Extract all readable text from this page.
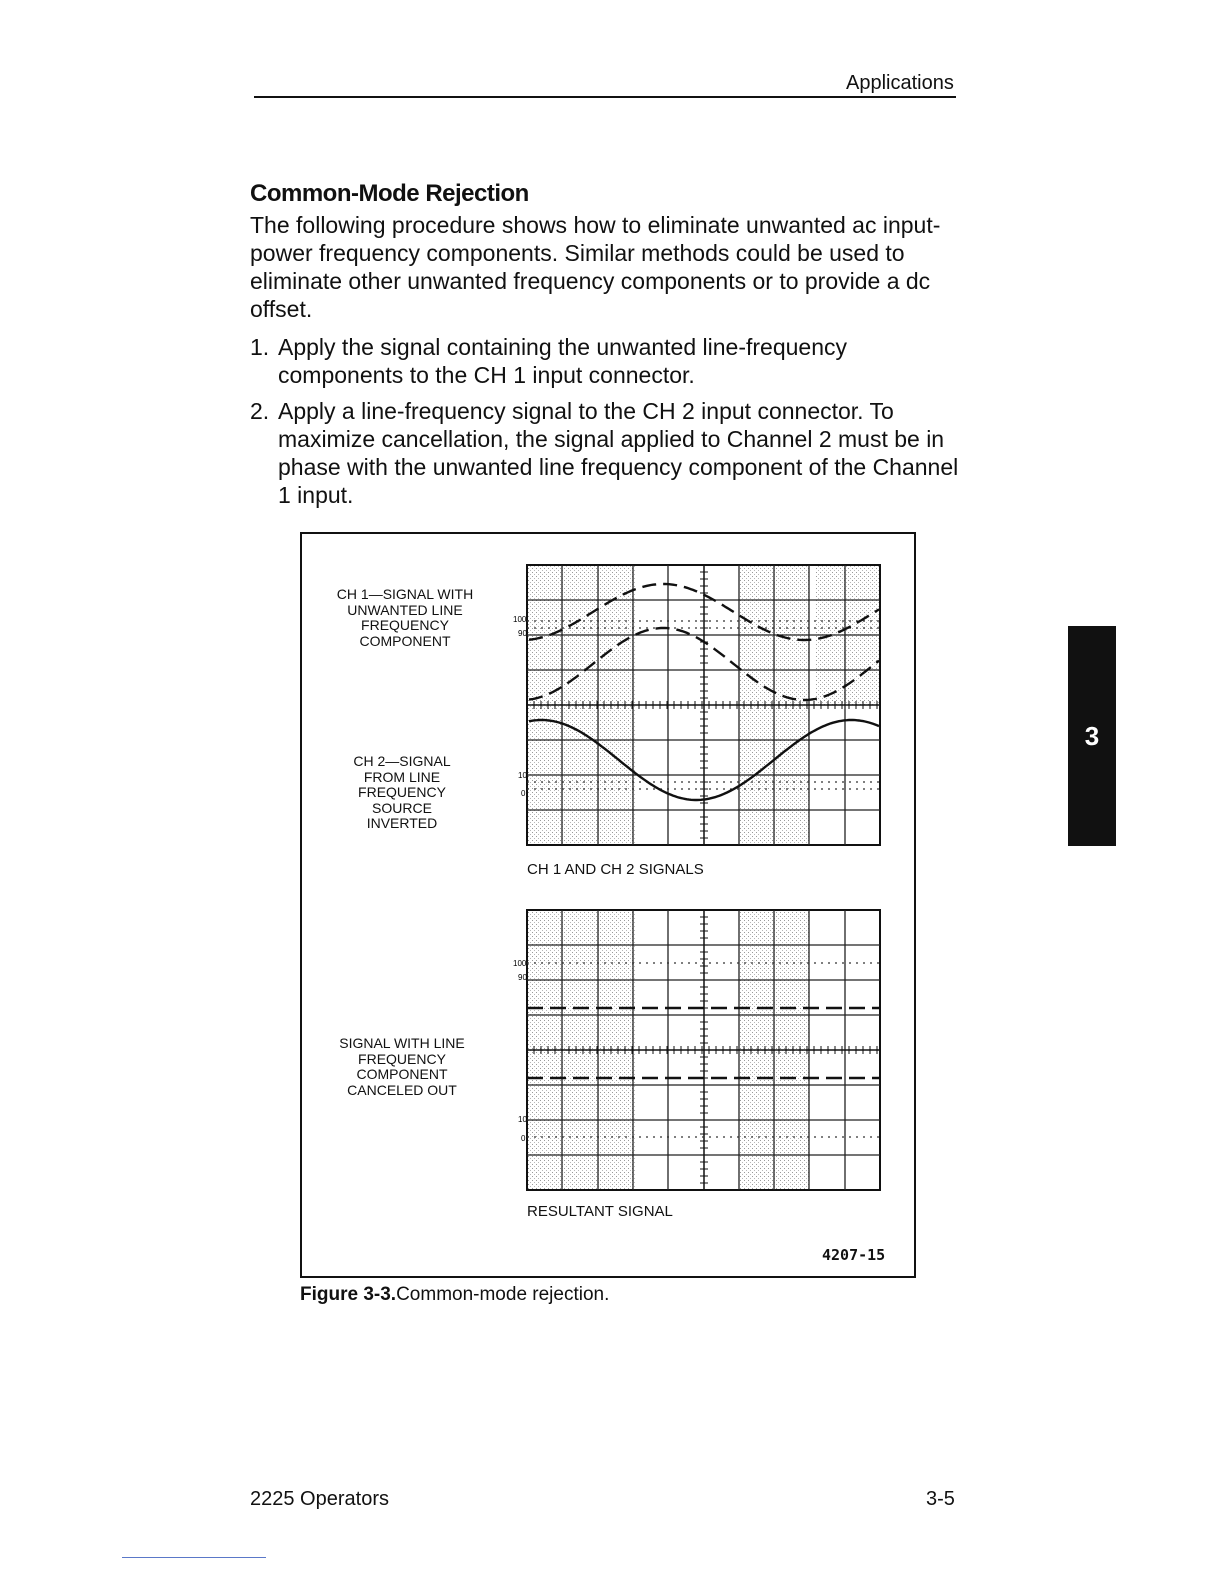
Applications
Common-Mode Rejection

The following procedure shows how to eliminate unwanted ac input-power frequency components. Similar methods could be used to eliminate other unwanted frequency components or to provide a dc offset.

1. Apply the signal containing the unwanted line-frequency components to the CH 1 input connector.
2. Apply a line-frequency signal to the CH 2 input connector. To maximize cancellation, the signal applied to Channel 2 must be in phase with the unwanted line frequency component of the Channel 1 input.
3
CH 1—SIGNAL WITH UNWANTED LINE FREQUENCY COMPONENT
CH 2—SIGNAL FROM LINE FREQUENCY SOURCE INVERTED
SIGNAL WITH LINE FREQUENCY COMPONENT CANCELED OUT
100
90
10
0
100
90
10
0
CH 1 AND CH 2 SIGNALS
RESULTANT SIGNAL
4207-15
Figure 3-3.Common-mode rejection.
2225 Operators	3-5
